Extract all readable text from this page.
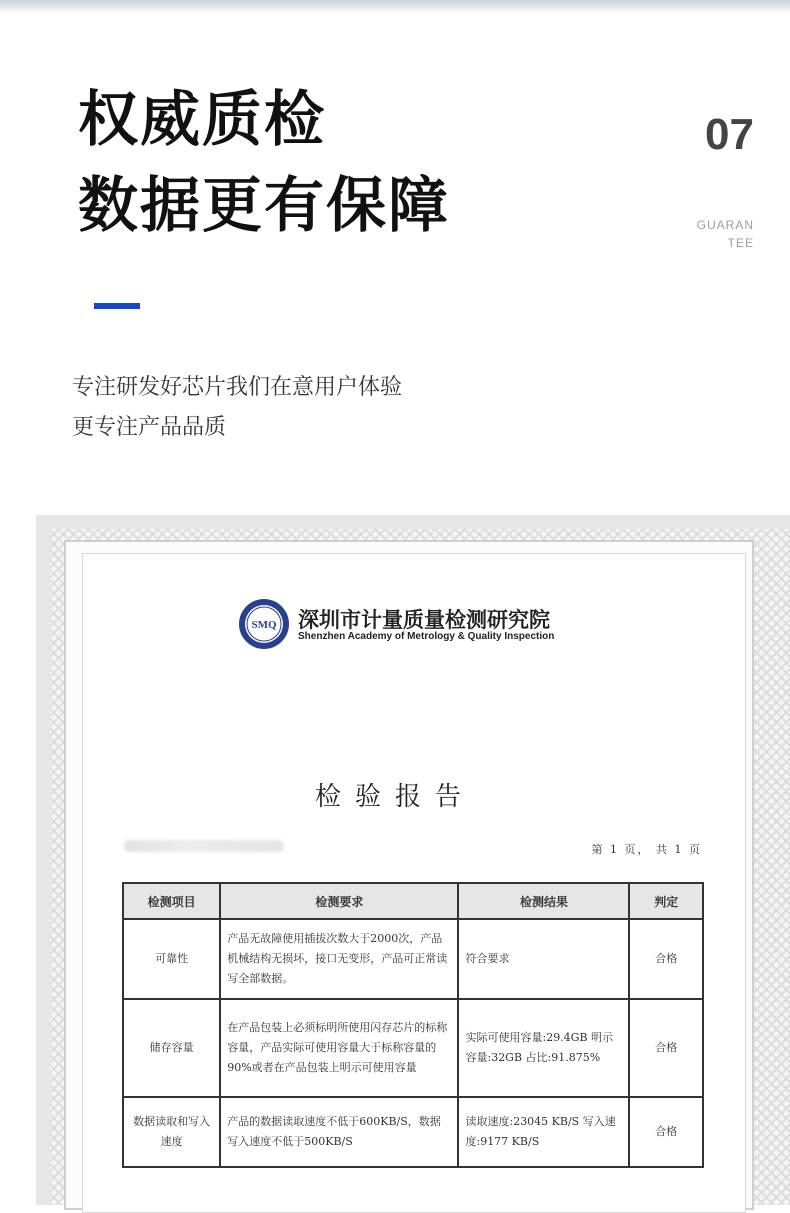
权威质检
数据更有保障
07
GUARAN
TEE
专注研发好芯片我们在意用户体验
更专注产品品质
SMQ 深圳市计量质量检测研究院
Shenzhen Academy of Metrology & Quality Inspection
检验报告
第 1 页， 共 1 页
检测项目	检测要求	检测结果	判定
可靠性	产品无故障使用插拔次数大于2000次，产品机械结构无损坏，接口无变形，产品可正常读写全部数据。	符合要求	合格
储存容量	在产品包装上必须标明所使用闪存芯片的标称容量，产品实际可使用容量大于标称容量的90%或者在产品包装上明示可使用容量	实际可使用容量:29.4GB 明示容量:32GB 占比:91.875%	合格
数据读取和写入速度	产品的数据读取速度不低于600KB/S，数据写入速度不低于500KB/S	读取速度:23045 KB/S 写入速度:9177 KB/S	合格
